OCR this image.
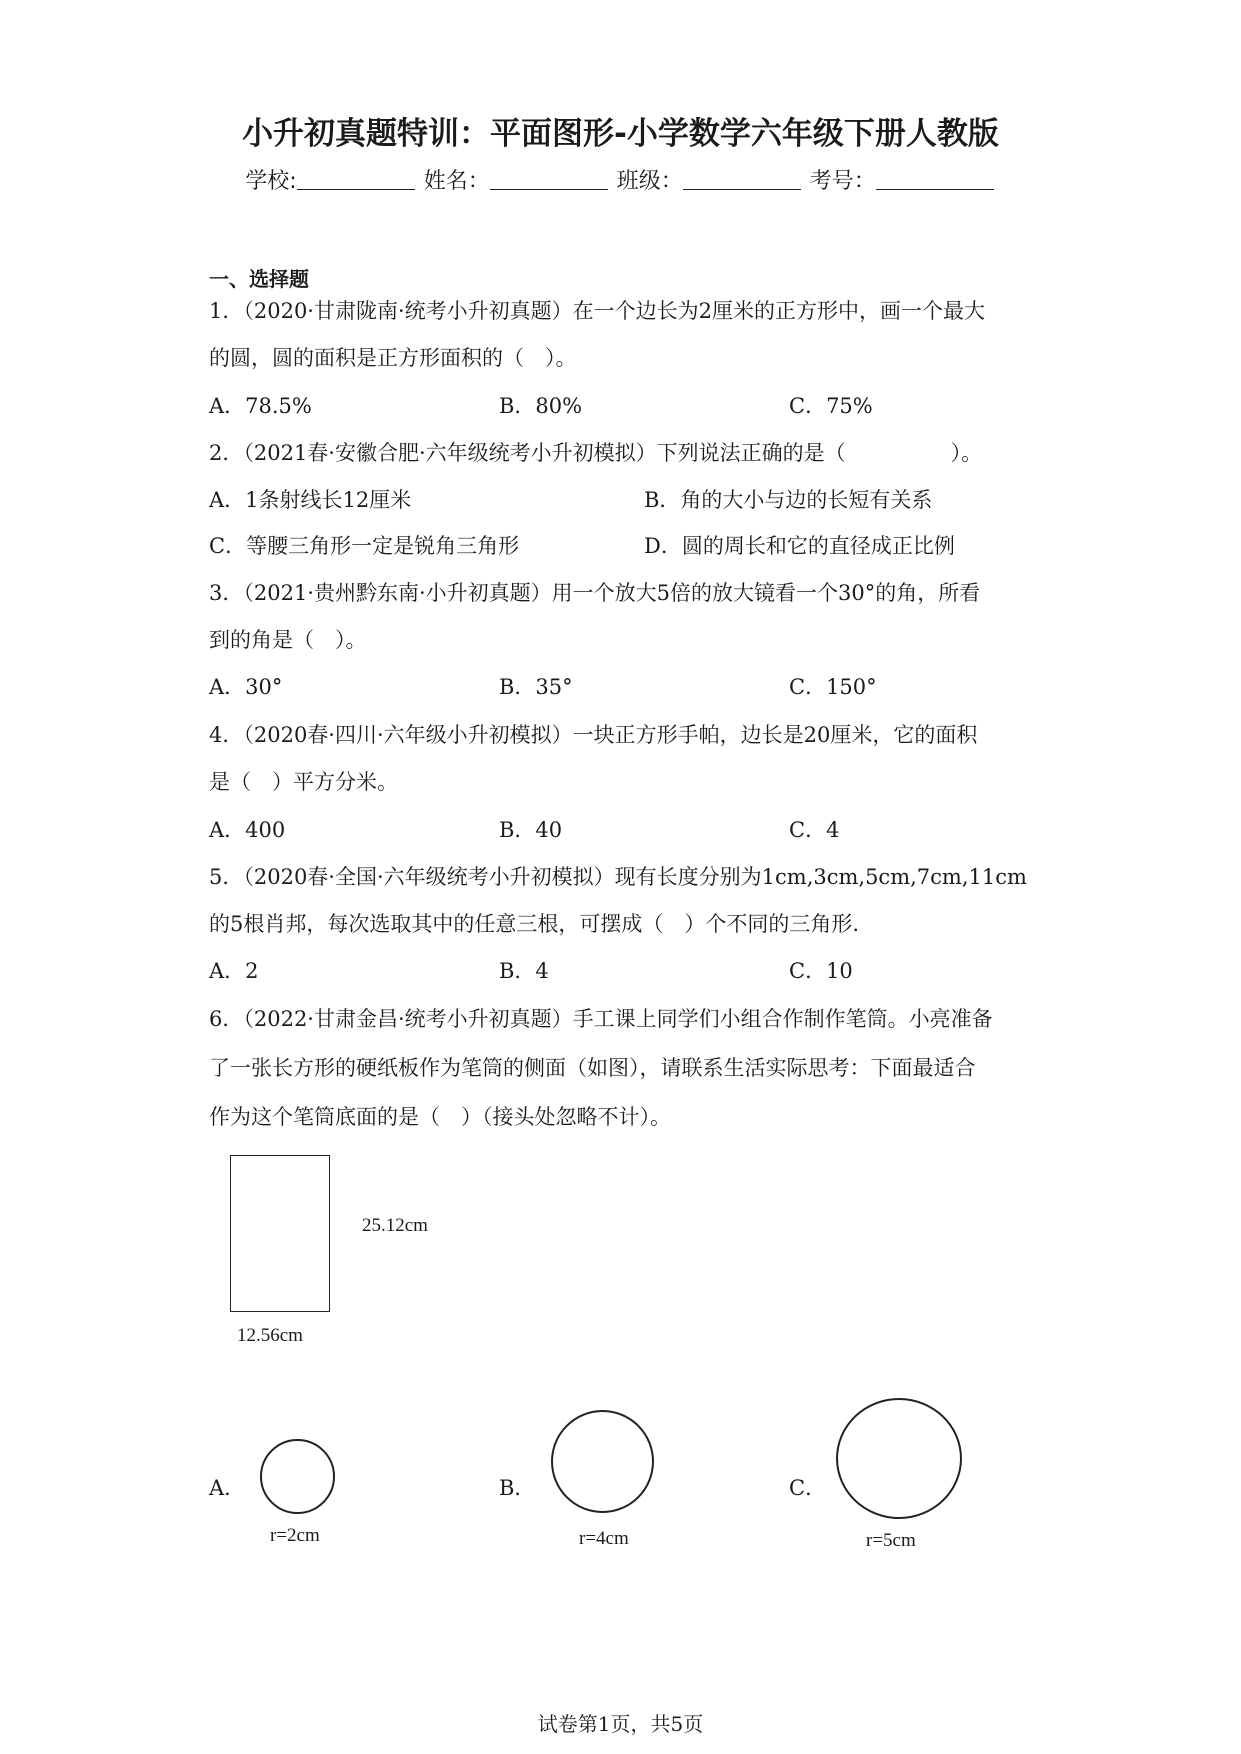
小升初真题特训：平面图形-小学数学六年级下册人教版
学校:	姓名：	班级：	考号：
一、选择题
1．（2020·甘肃陇南·统考小升初真题）在一个边长为2厘米的正方形中，画一个最大
的圆，圆的面积是正方形面积的（　）。
A．78.5%	B．80%	C．75%
2．（2021春·安徽合肥·六年级统考小升初模拟）下列说法正确的是（　　　　　）。
A．1条射线长12厘米	B．角的大小与边的长短有关系
C．等腰三角形一定是锐角三角形	D．圆的周长和它的直径成正比例
3．（2021·贵州黔东南·小升初真题）用一个放大5倍的放大镜看一个30°的角，所看
到的角是（　）。
A．30°	B．35°	C．150°
4．（2020春·四川·六年级小升初模拟）一块正方形手帕，边长是20厘米，它的面积
是（　）平方分米。
A．400	B．40	C．4
5．（2020春·全国·六年级统考小升初模拟）现有长度分别为1cm,3cm,5cm,7cm,11cm
的5根肖邦，每次选取其中的任意三根，可摆成（　）个不同的三角形.
A．2	B．4	C．10
6．（2022·甘肃金昌·统考小升初真题）手工课上同学们小组合作制作笔筒。小亮准备
了一张长方形的硬纸板作为笔筒的侧面（如图），请联系生活实际思考：下面最适合
作为这个笔筒底面的是（　）（接头处忽略不计）。
25.12cm
12.56cm
A．
r=2cm
B．
r=4cm
C．
r=5cm
试卷第1页，共5页
